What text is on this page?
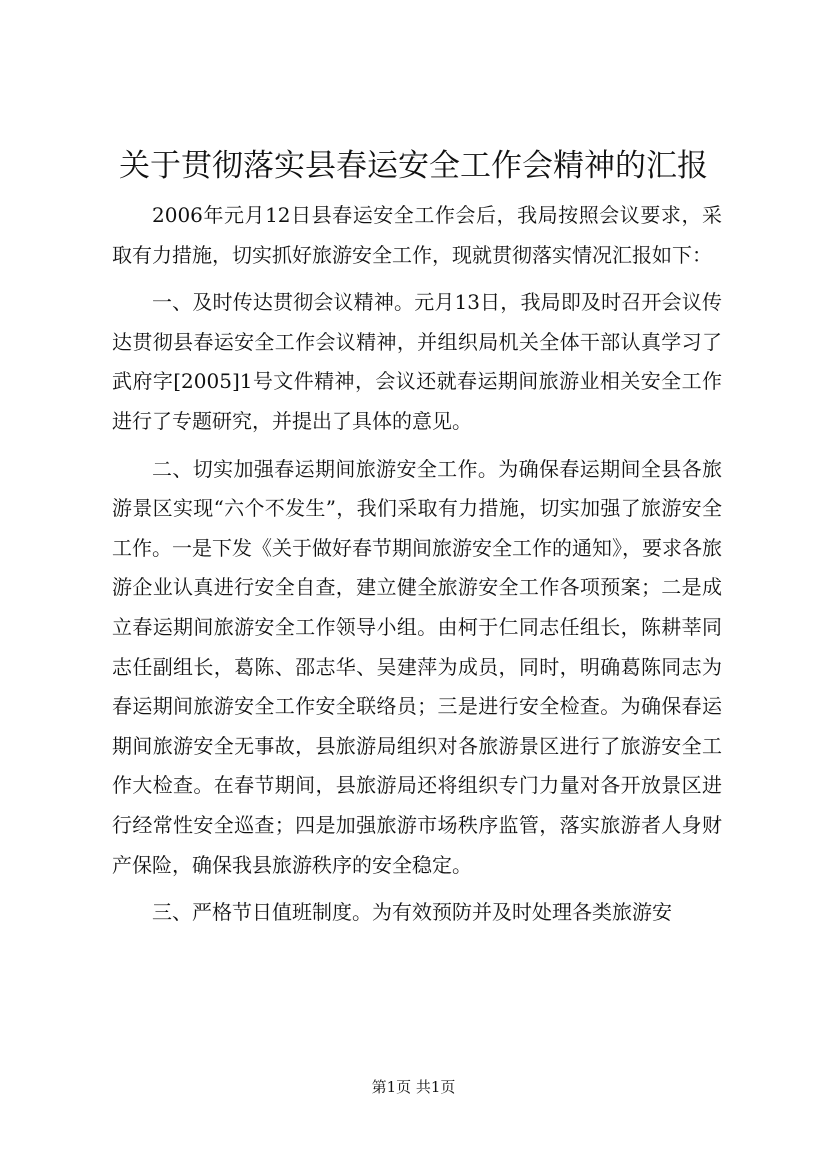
关于贯彻落实县春运安全工作会精神的汇报

2006年元月12日县春运安全工作会后，我局按照会议要求，采取有力措施，切实抓好旅游安全工作，现就贯彻落实情况汇报如下：

一、及时传达贯彻会议精神。元月13日，我局即及时召开会议传达贯彻县春运安全工作会议精神，并组织局机关全体干部认真学习了武府字[2005]1号文件精神，会议还就春运期间旅游业相关安全工作进行了专题研究，并提出了具体的意见。

二、切实加强春运期间旅游安全工作。为确保春运期间全县各旅游景区实现“六个不发生”，我们采取有力措施，切实加强了旅游安全工作。一是下发《关于做好春节期间旅游安全工作的通知》，要求各旅游企业认真进行安全自查，建立健全旅游安全工作各项预案；二是成立春运期间旅游安全工作领导小组。由柯于仁同志任组长，陈耕莘同志任副组长，葛陈、邵志华、吴建萍为成员，同时，明确葛陈同志为春运期间旅游安全工作安全联络员；三是进行安全检查。为确保春运期间旅游安全无事故，县旅游局组织对各旅游景区进行了旅游安全工作大检查。在春节期间，县旅游局还将组织专门力量对各开放景区进行经常性安全巡查；四是加强旅游市场秩序监管，落实旅游者人身财产保险，确保我县旅游秩序的安全稳定。

三、严格节日值班制度。为有效预防并及时处理各类旅游安

第1页 共1页
